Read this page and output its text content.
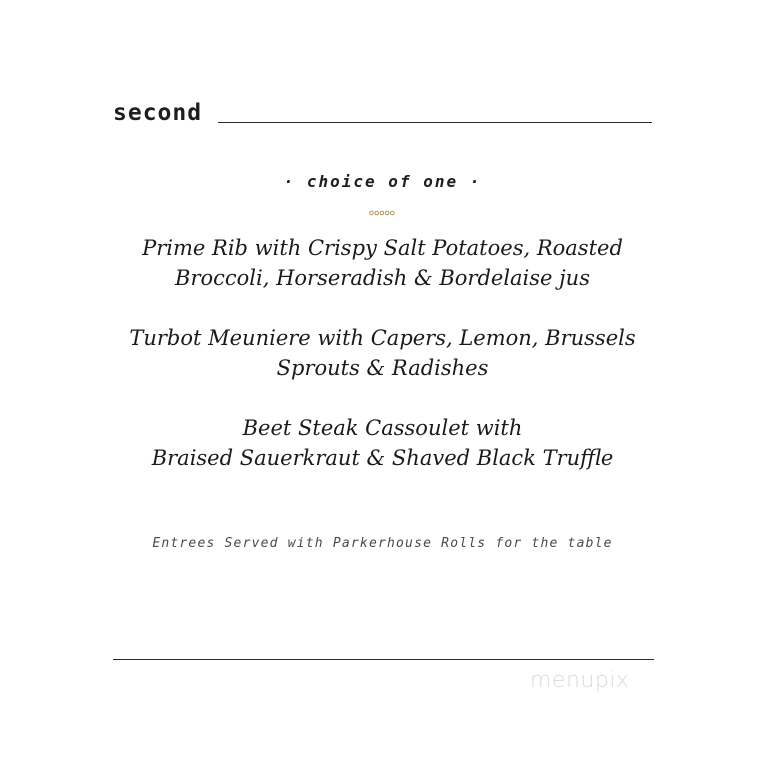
second
· choice of one ·
Prime Rib with Crispy Salt Potatoes, Roasted
Broccoli, Horseradish & Bordelaise jus
Turbot Meuniere with Capers, Lemon, Brussels
Sprouts & Radishes
Beet Steak Cassoulet with
Braised Sauerkraut & Shaved Black Truffle
Entrees Served with Parkerhouse Rolls for the table
menupix
